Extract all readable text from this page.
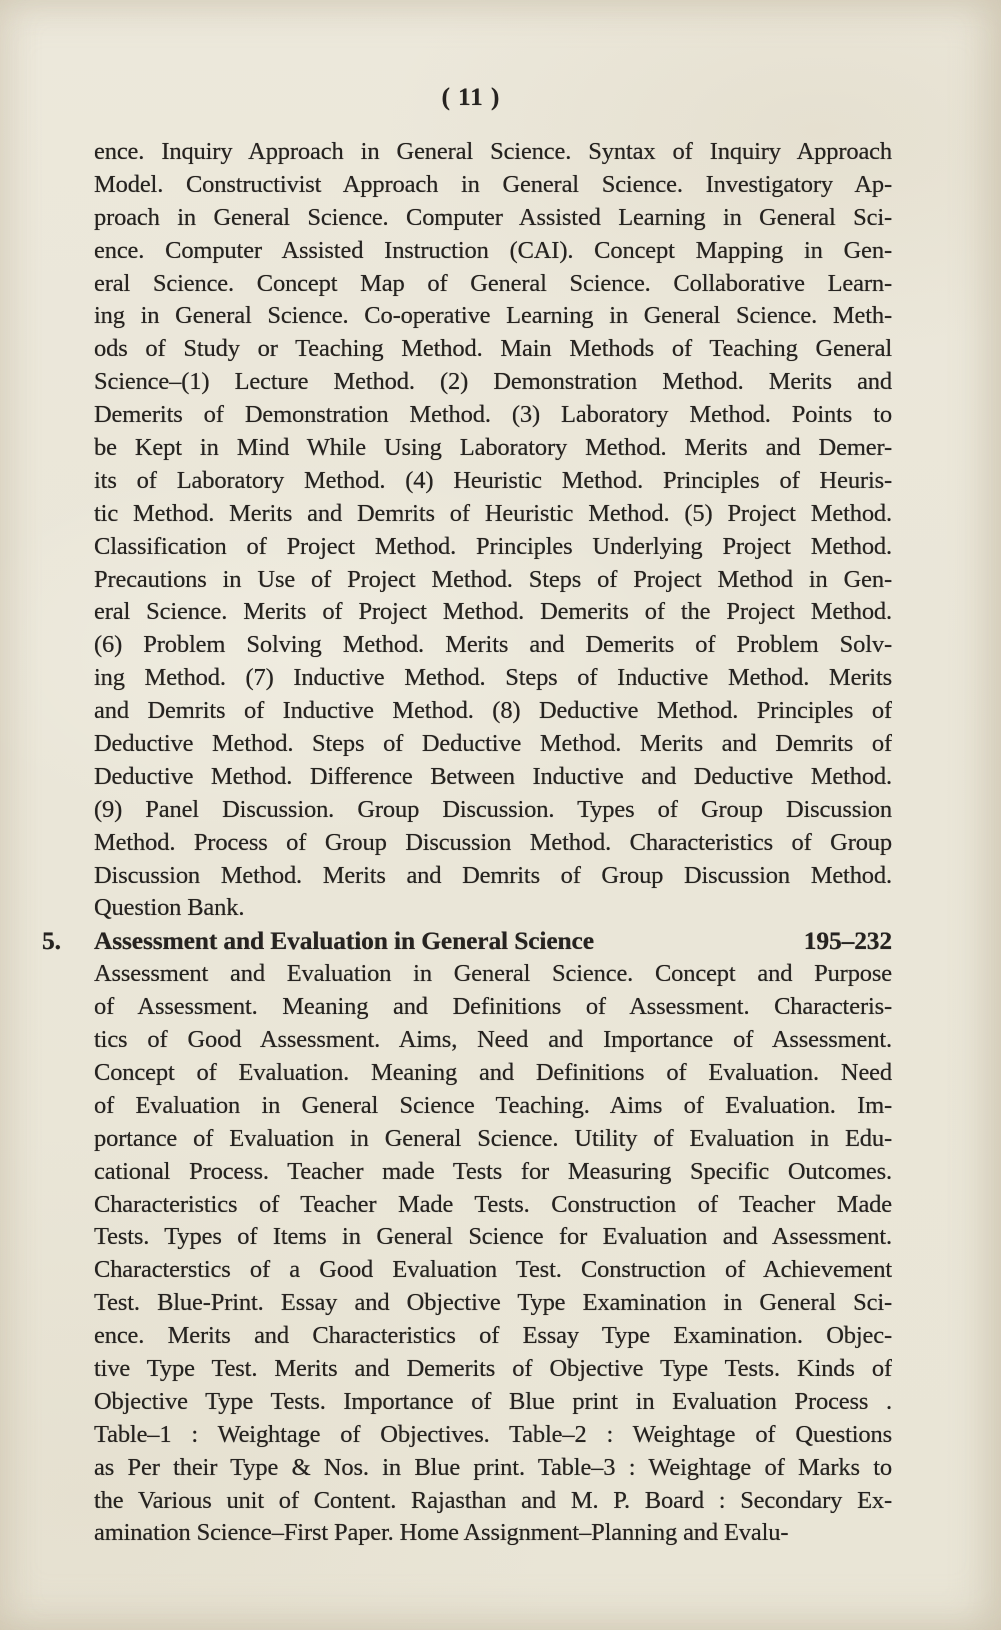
( 11 )
ence. Inquiry Approach in General Science. Syntax of Inquiry Approach
Model. Constructivist Approach in General Science. Investigatory Ap-
proach in General Science. Computer Assisted Learning in General Sci-
ence. Computer Assisted Instruction (CAI). Concept Mapping in Gen-
eral Science. Concept Map of General Science. Collaborative Learn-
ing in General Science. Co-operative Learning in General Science. Meth-
ods of Study or Teaching Method. Main Methods of Teaching General
Science–(1) Lecture Method. (2) Demonstration Method. Merits and
Demerits of Demonstration Method. (3) Laboratory Method. Points to
be Kept in Mind While Using Laboratory Method. Merits and Demer-
its of Laboratory Method. (4) Heuristic Method. Principles of Heuris-
tic Method. Merits and Demrits of Heuristic Method. (5) Project Method.
Classification of Project Method. Principles Underlying Project Method.
Precautions in Use of Project Method. Steps of Project Method in Gen-
eral Science. Merits of Project Method. Demerits of the Project Method.
(6) Problem Solving Method. Merits and Demerits of Problem Solv-
ing Method. (7) Inductive Method. Steps of Inductive Method. Merits
and Demrits of Inductive Method. (8) Deductive Method. Principles of
Deductive Method. Steps of Deductive Method. Merits and Demrits of
Deductive Method. Difference Between Inductive and Deductive Method.
(9) Panel Discussion. Group Discussion. Types of Group Discussion
Method. Process of Group Discussion Method. Characteristics of Group
Discussion Method. Merits and Demrits of Group Discussion Method.
Question Bank.
5. Assessment and Evaluation in General Science	195–232
Assessment and Evaluation in General Science. Concept and Purpose
of Assessment. Meaning and Definitions of Assessment. Characteris-
tics of Good Assessment. Aims, Need and Importance of Assessment.
Concept of Evaluation. Meaning and Definitions of Evaluation. Need
of Evaluation in General Science Teaching. Aims of Evaluation. Im-
portance of Evaluation in General Science. Utility of Evaluation in Edu-
cational Process. Teacher made Tests for Measuring Specific Outcomes.
Characteristics of Teacher Made Tests. Construction of Teacher Made
Tests. Types of Items in General Science for Evaluation and Assessment.
Characterstics of a Good Evaluation Test. Construction of Achievement
Test. Blue-Print. Essay and Objective Type Examination in General Sci-
ence. Merits and Characteristics of Essay Type Examination. Objec-
tive Type Test. Merits and Demerits of Objective Type Tests. Kinds of
Objective Type Tests. Importance of Blue print in Evaluation Process .
Table–1 : Weightage of Objectives. Table–2 : Weightage of Questions
as Per their Type & Nos. in Blue print. Table–3 : Weightage of Marks to
the Various unit of Content. Rajasthan and M. P. Board : Secondary Ex-
amination Science–First Paper. Home Assignment–Planning and Evalu-
